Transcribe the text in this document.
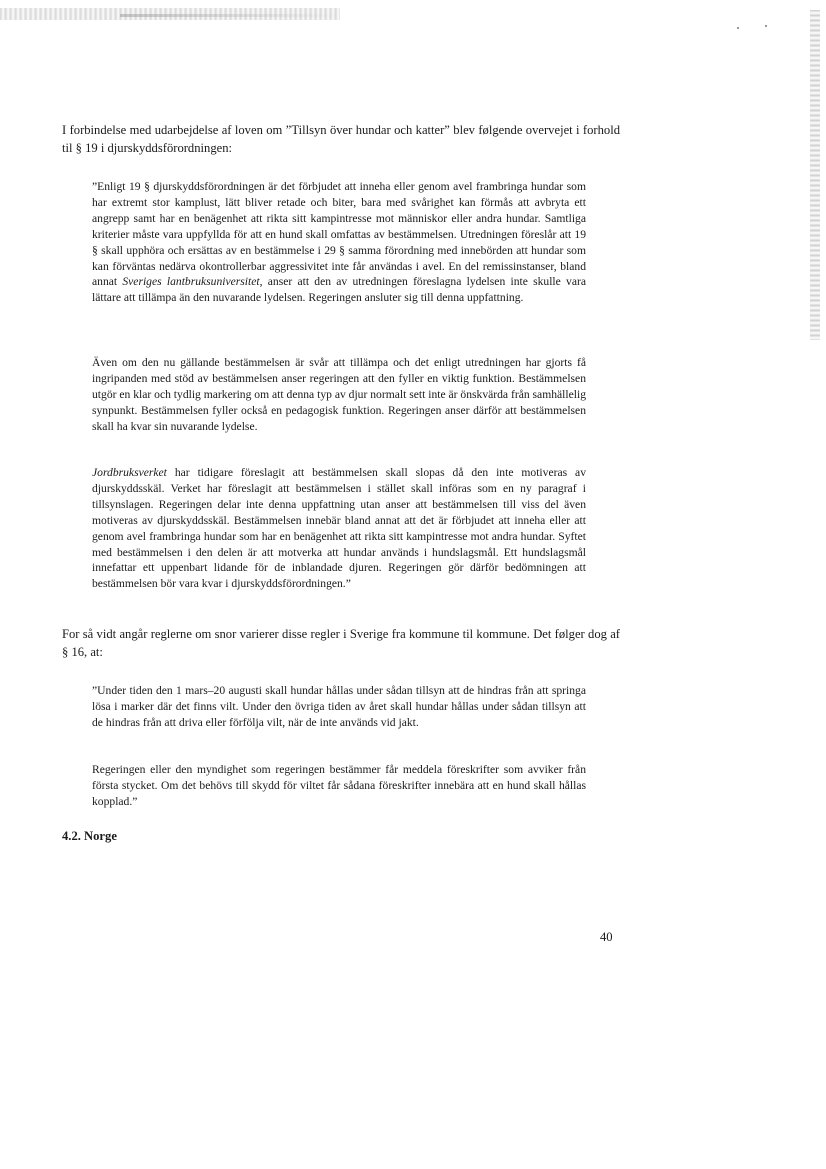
I forbindelse med udarbejdelse af loven om ”Tillsyn över hundar och katter” blev følgende overvejet i forhold til § 19 i djurskyddsförordningen:

”Enligt 19 § djurskyddsförordningen är det förbjudet att inneha eller genom avel frambringa hundar som har extremt stor kamplust, lätt bliver retade och biter, bara med svårighet kan förmås att avbryta ett angrepp samt har en benägenhet att rikta sitt kampintresse mot människor eller andra hundar. Samtliga kriterier måste vara uppfyllda för att en hund skall omfattas av bestämmelsen. Utredningen föreslår att 19 § skall upphöra och ersättas av en bestämmelse i 29 § samma förordning med innebörden att hundar som kan förväntas nedärva okontrollerbar aggressivitet inte får användas i avel. En del remissinstanser, bland annat Sveriges lantbruksuniversitet, anser att den av utredningen föreslagna lydelsen inte skulle vara lättare att tillämpa än den nuvarande lydelsen. Regeringen ansluter sig till denna uppfattning.

Även om den nu gällande bestämmelsen är svår att tillämpa och det enligt utredningen har gjorts få ingripanden med stöd av bestämmelsen anser regeringen att den fyller en viktig funktion. Bestämmelsen utgör en klar och tydlig markering om att denna typ av djur normalt sett inte är önskvärda från samhällelig synpunkt. Bestämmelsen fyller också en pedagogisk funktion. Regeringen anser därför att bestämmelsen skall ha kvar sin nuvarande lydelse.

Jordbruksverket har tidigare föreslagit att bestämmelsen skall slopas då den inte motiveras av djurskyddsskäl. Verket har föreslagit att bestämmelsen i stället skall införas som en ny paragraf i tillsynslagen. Regeringen delar inte denna uppfattning utan anser att bestämmelsen till viss del även motiveras av djurskyddsskäl. Bestämmelsen innebär bland annat att det är förbjudet att inneha eller att genom avel frambringa hundar som har en benägenhet att rikta sitt kampintresse mot andra hundar. Syftet med bestämmelsen i den delen är att motverka att hundar används i hundslagsmål. Ett hundslagsmål innefattar ett uppenbart lidande för de inblandade djuren. Regeringen gör därför bedömningen att bestämmelsen bör vara kvar i djurskyddsförordningen.”

For så vidt angår reglerne om snor varierer disse regler i Sverige fra kommune til kommune. Det følger dog af § 16, at:

”Under tiden den 1 mars–20 augusti skall hundar hållas under sådan tillsyn att de hindras från att springa lösa i marker där det finns vilt. Under den övriga tiden av året skall hundar hållas under sådan tillsyn att de hindras från att driva eller förfölja vilt, när de inte används vid jakt.

Regeringen eller den myndighet som regeringen bestämmer får meddela föreskrifter som avviker från första stycket. Om det behövs till skydd för viltet får sådana föreskrifter innebära att en hund skall hållas kopplad.”

4.2. Norge

40
